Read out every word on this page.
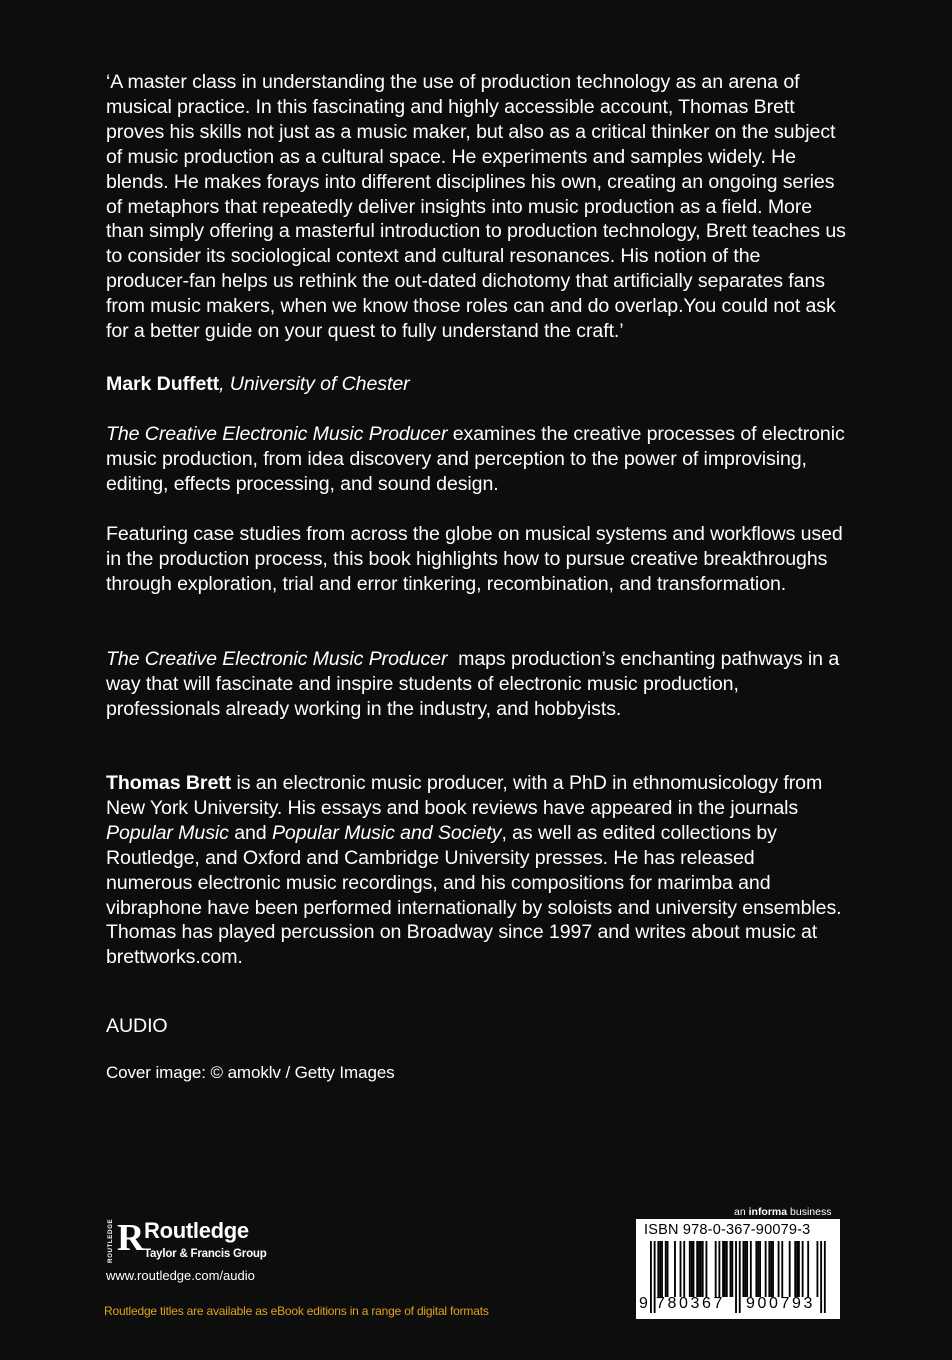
‘A master class in understanding the use of production technology as an arena of musical practice. In this fascinating and highly accessible account, Thomas Brett proves his skills not just as a music maker, but also as a critical thinker on the subject of music production as a cultural space. He experiments and samples widely. He blends. He makes forays into different disciplines his own, creating an ongoing series of metaphors that repeatedly deliver insights into music production as a field. More than simply offering a masterful introduction to production technology, Brett teaches us to consider its sociological context and cultural resonances. His notion of the producer-fan helps us rethink the out-dated dichotomy that artificially separates fans from music makers, when we know those roles can and do overlap.You could not ask for a better guide on your quest to fully understand the craft.’

Mark Duffett, University of Chester

The Creative Electronic Music Producer examines the creative processes of electronic music production, from idea discovery and perception to the power of improvising, editing, effects processing, and sound design.

Featuring case studies from across the globe on musical systems and workflows used in the production process, this book highlights how to pursue creative breakthroughs through exploration, trial and error tinkering, recombination, and transformation.

The Creative Electronic Music Producer  maps production’s enchanting pathways in a way that will fascinate and inspire students of electronic music production, professionals already working in the industry, and hobbyists.

Thomas Brett is an electronic music producer, with a PhD in ethnomusicology from New York University. His essays and book reviews have appeared in the journals Popular Music and Popular Music and Society, as well as edited collections by Routledge, and Oxford and Cambridge University presses. He has released numerous electronic music recordings, and his compositions for marimba and vibraphone have been performed internationally by soloists and university ensembles. Thomas has played percussion on Broadway since 1997 and writes about music at brettworks.com.

AUDIO
Cover image: © amoklv / Getty Images
R
ROUTLEDGE Routledge
Taylor & Francis Group
www.routledge.com/audio
Routledge titles are available as eBook editions in a range of digital formats
an informa business
ISBN 978-0-367-90079-3
9 780367 900793
